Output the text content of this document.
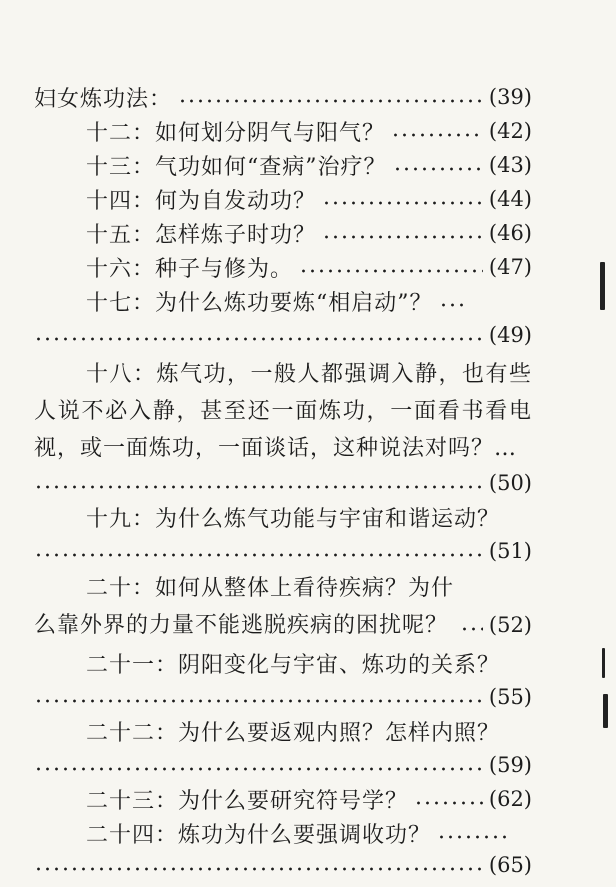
妇女炼功法：	(39)
十二：如何划分阴气与阳气？	(42)
十三：气功如何“查病”治疗？	(43)
十四：何为自发动功？	(44)
十五：怎样炼子时功？	(46)
十六：种子与修为。	(47)
十七：为什么炼功要炼“相启动”？
(49)
十八：炼气功，一般人都强调入静，也有些人说不必入静，甚至还一面炼功，一面看书看电视，或一面炼功，一面谈话，这种说法对吗？…
(50)
十九：为什么炼气功能与宇宙和谐运动？
(51)
二十：如何从整体上看待疾病？为什么靠外界的力量不能逃脱疾病的困扰呢？ (52)
二十一：阴阳变化与宇宙、炼功的关系？
(55)
二十二：为什么要返观内照？怎样内照？
(59)
二十三：为什么要研究符号学？	(62)
二十四：炼功为什么要强调收功？
(65)
